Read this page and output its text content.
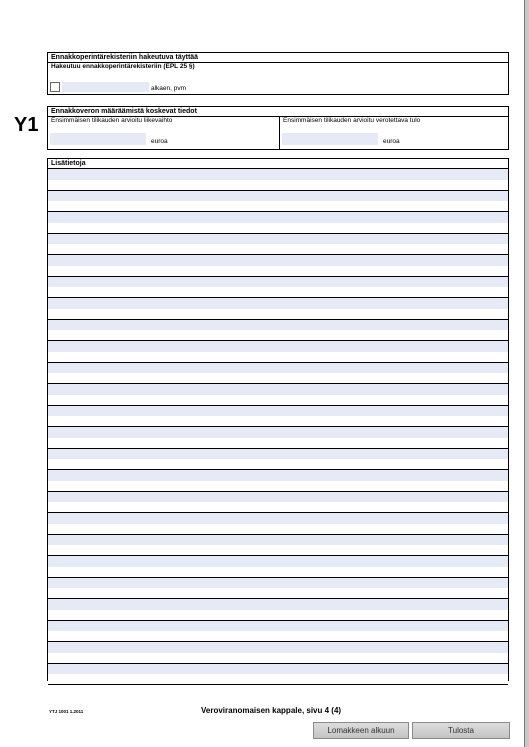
Ennakkoperintärekisteriin hakeutuva täyttää
Hakeutuu ennakkoperintärekisteriin (EPL 25 §)
alkaen, pvm
Y1
Ennakkoveron määräämistä koskevat tiedot
Ensimmäisen tilikauden arvioitu liikevaihto
euroa
Ensimmäisen tilikauden arvioitu verotettava tulo
euroa
Lisätietoja
YTJ 1001 1.2011	Veroviranomaisen kappale, sivu 4 (4)
Lomakkeen alkuun	Tulosta
